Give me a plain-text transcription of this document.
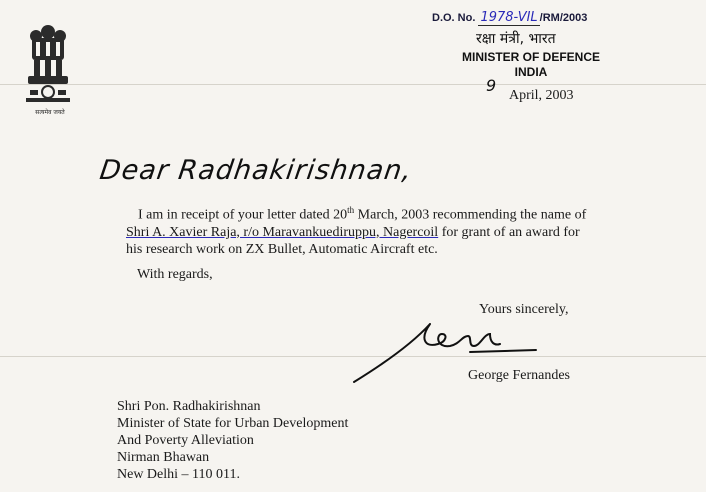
सत्यमेव जयते
D.O. No. 1978-VIL /RM/2003
रक्षा मंत्री, भारत
MINISTER OF DEFENCE
INDIA
9
April, 2003
Dear Radhakirishnan,
I am in receipt of your letter dated 20th March, 2003 recommending the name of Shri A. Xavier Raja, r/o Maravankuediruppu, Nagercoil for grant of an award for his research work on ZX Bullet, Automatic Aircraft etc.
With regards,
Yours sincerely,
George Fernandes
Shri Pon. Radhakirishnan
Minister of State for Urban Development
And Poverty Alleviation
Nirman Bhawan
New Delhi – 110 011.
